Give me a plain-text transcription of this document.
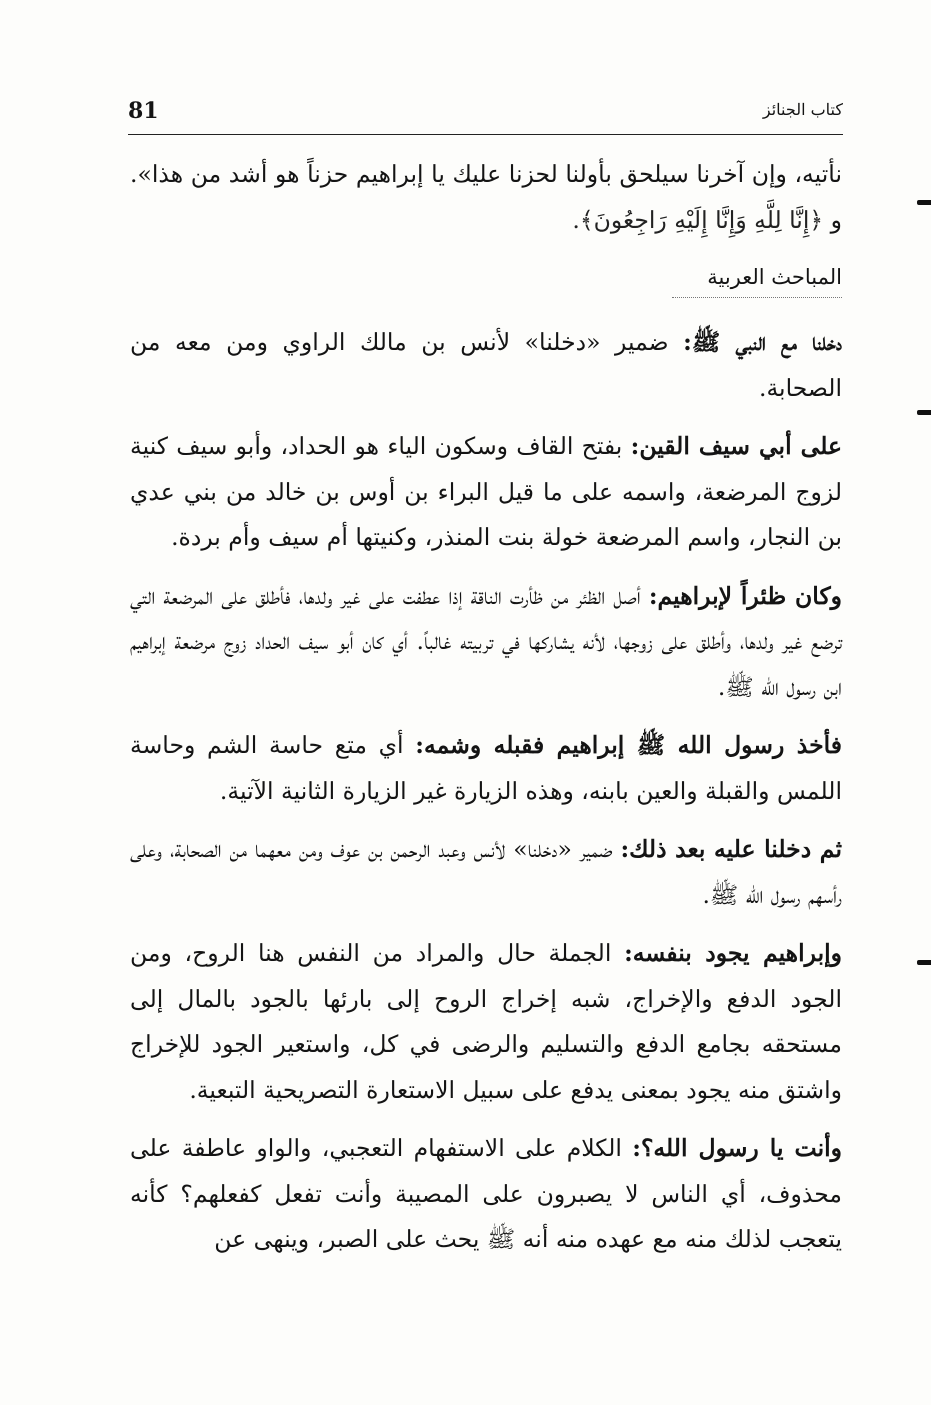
81	كتاب الجنائز

نأتيه، وإن آخرنا سيلحق بأولنا لحزنا عليك يا إبراهيم حزناً هو أشد من هذا». و ﴿إِنَّا لِلَّهِ وَإِنَّا إِلَيْهِ رَاجِعُونَ﴾.

المباحث العربية

دخلنا مع النبي ﷺ: ضمير «دخلنا» لأنس بن مالك الراوي ومن معه من الصحابة.

على أبي سيف القين: بفتح القاف وسكون الياء هو الحداد، وأبو سيف كنية لزوج المرضعة، واسمه على ما قيل البراء بن أوس بن خالد من بني عدي بن النجار، واسم المرضعة خولة بنت المنذر، وكنيتها أم سيف وأم بردة.

وكان ظئراً لإبراهيم: أصل الظئر من ظأرت الناقة إذا عطفت على غير ولدها، فأطلق على المرضعة التي ترضع غير ولدها، وأطلق على زوجها، لأنه يشاركها في تربيته غالباً. أي كان أبو سيف الحداد زوج مرضعة إبراهيم ابن رسول الله ﷺ.

فأخذ رسول الله ﷺ إبراهيم فقبله وشمه: أي متع حاسة الشم وحاسة اللمس والقبلة والعين بابنه، وهذه الزيارة غير الزيارة الثانية الآتية.

ثم دخلنا عليه بعد ذلك: ضمير «دخلنا» لأنس وعبد الرحمن بن عوف ومن معهما من الصحابة، وعلى رأسهم رسول الله ﷺ.

وإبراهيم يجود بنفسه: الجملة حال والمراد من النفس هنا الروح، ومن الجود الدفع والإخراج، شبه إخراج الروح إلى بارئها بالجود بالمال إلى مستحقه بجامع الدفع والتسليم والرضى في كل، واستعير الجود للإخراج واشتق منه يجود بمعنى يدفع على سبيل الاستعارة التصريحية التبعية.

وأنت يا رسول الله؟: الكلام على الاستفهام التعجبي، والواو عاطفة على محذوف، أي الناس لا يصبرون على المصيبة وأنت تفعل كفعلهم؟ كأنه يتعجب لذلك منه مع عهده منه أنه ﷺ يحث على الصبر، وينهى عن
